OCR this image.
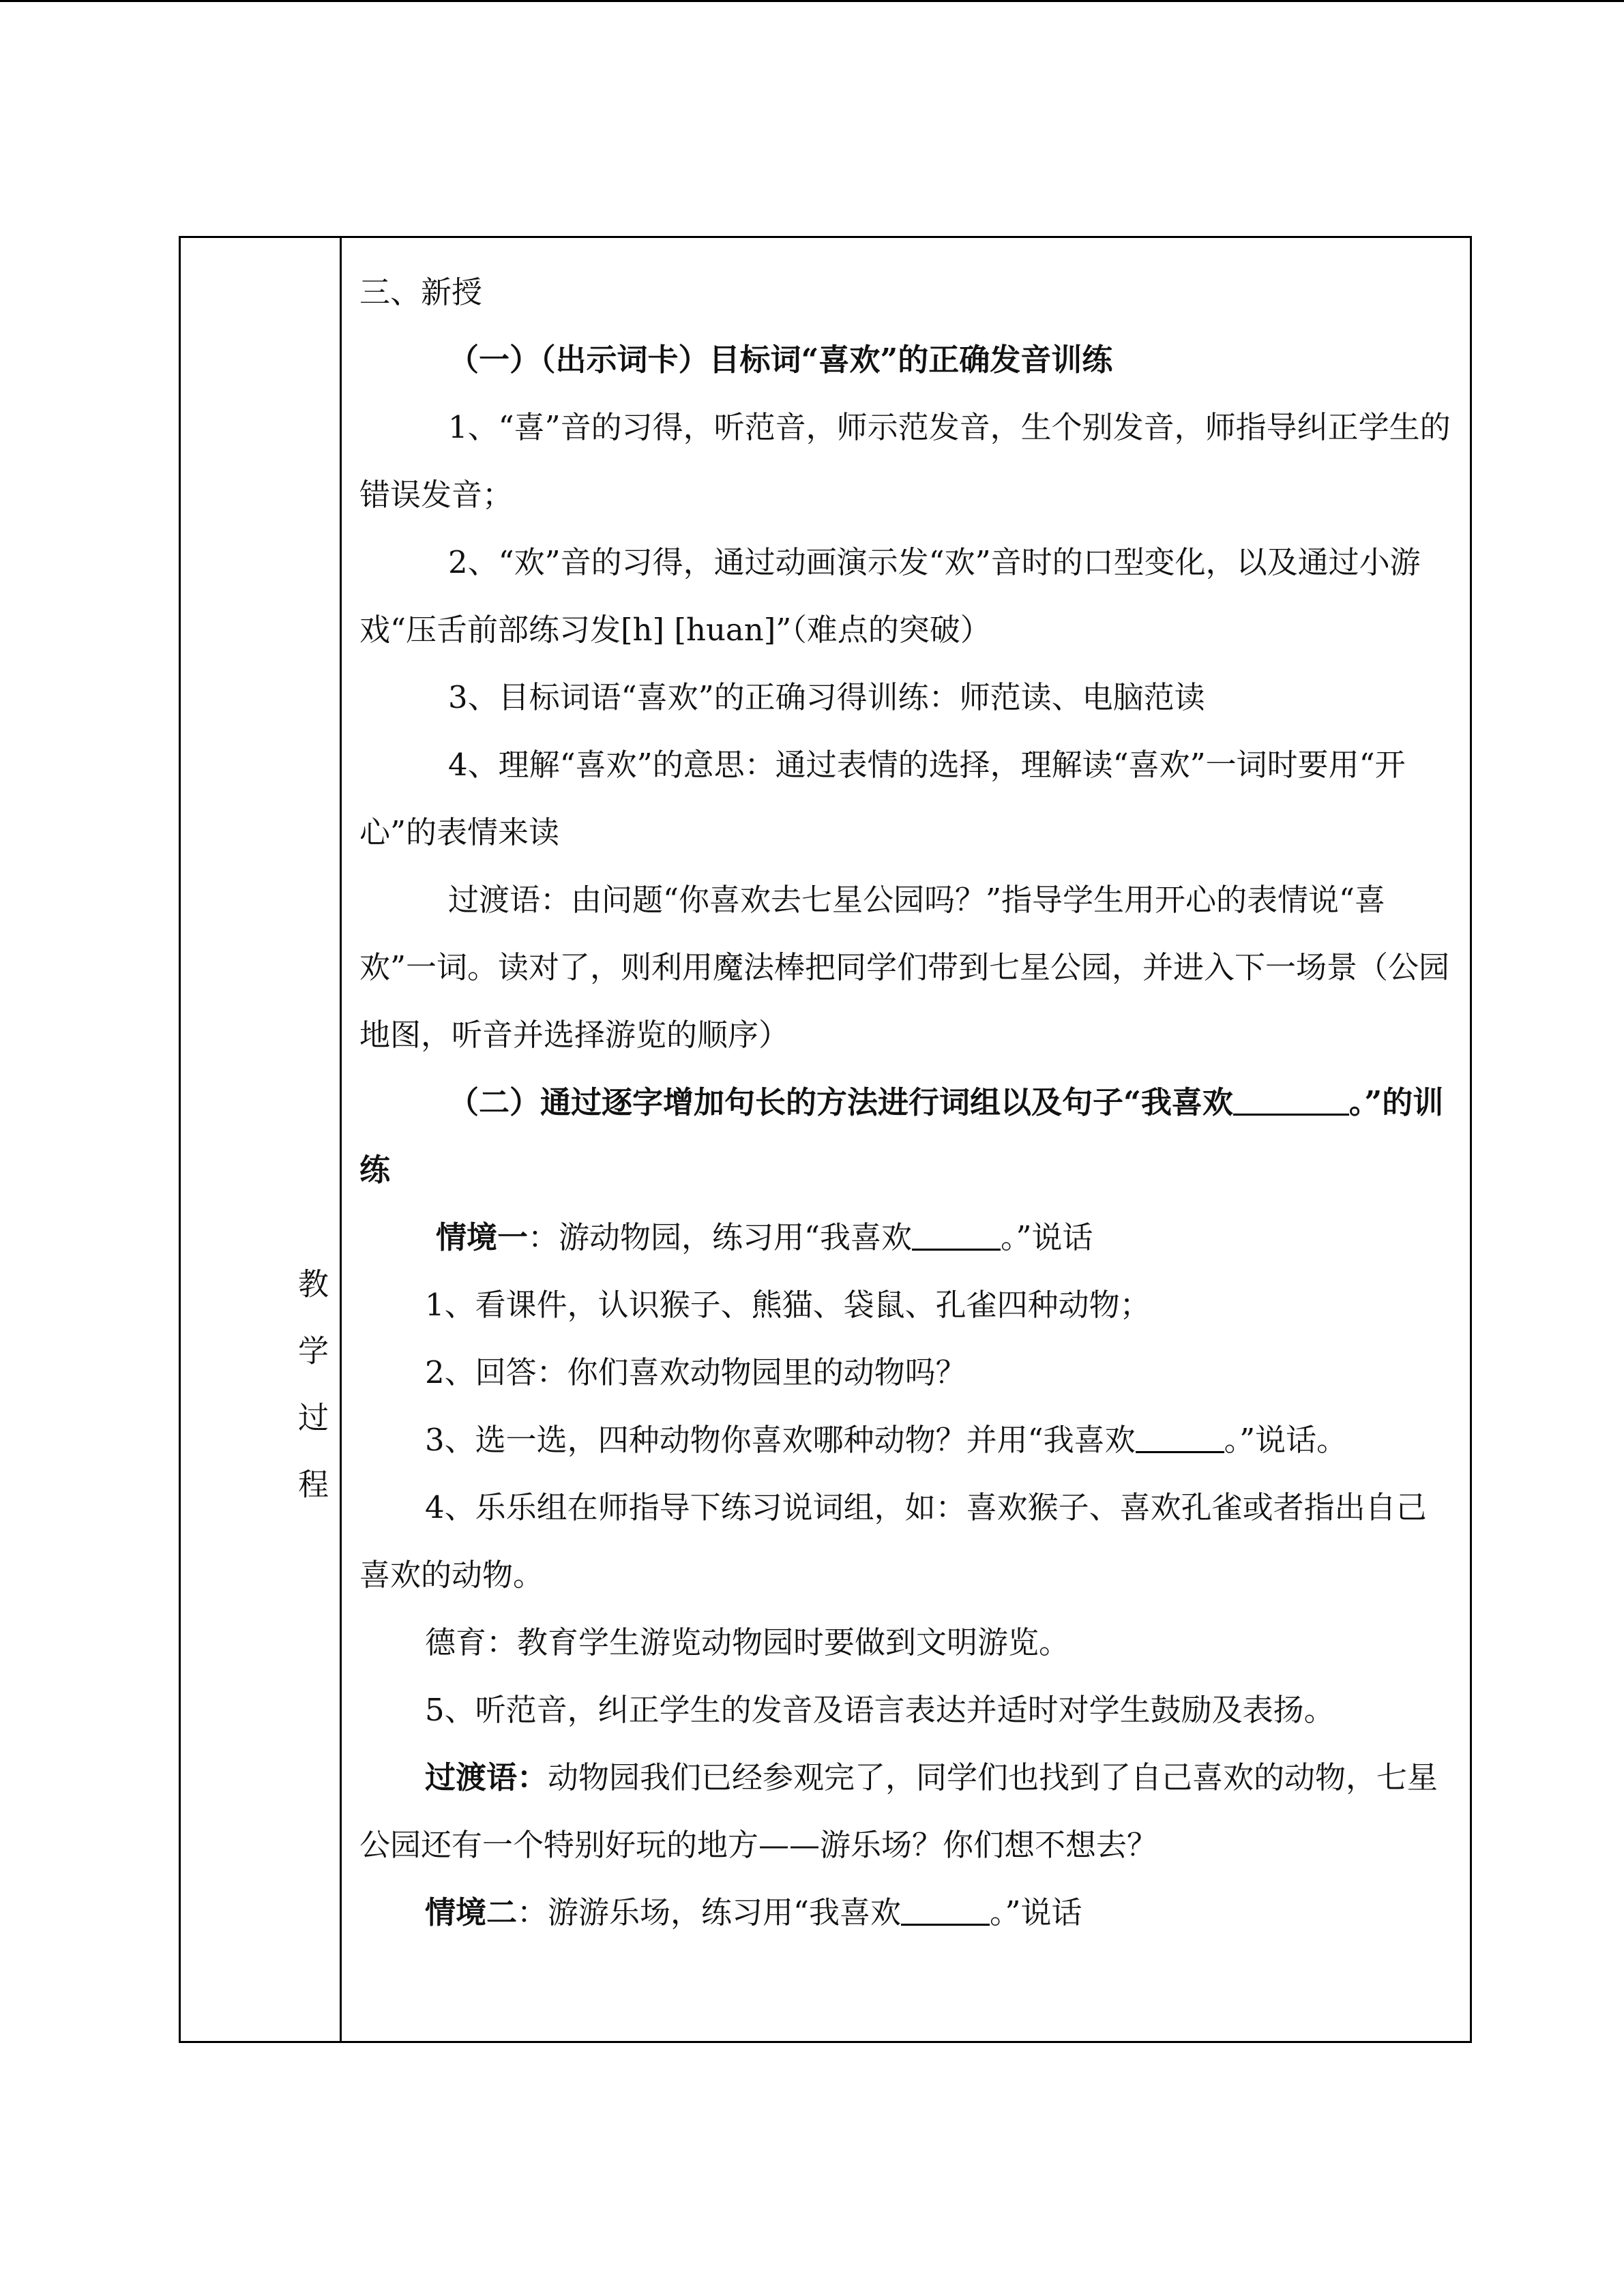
教 学 过 程

三、新授

（一）（出示词卡）目标词“喜欢”的正确发音训练

1、“喜”音的习得，听范音，师示范发音，生个别发音，师指导纠正学生的错误发音；

2、“欢”音的习得，通过动画演示发“欢”音时的口型变化，以及通过小游戏“压舌前部练习发[h] [huan]”（难点的突破）

3、目标词语“喜欢”的正确习得训练：师范读、电脑范读

4、理解“喜欢”的意思：通过表情的选择，理解读“喜欢”一词时要用“开心”的表情来读

过渡语：由问题“你喜欢去七星公园吗？”指导学生用开心的表情说“喜欢”一词。读对了，则利用魔法棒把同学们带到七星公园，并进入下一场景（公园地图，听音并选择游览的顺序）

（二）通过逐字增加句长的方法进行词组以及句子“我喜欢	。”的训练

情境一：游动物园，练习用“我喜欢	。”说话

1、看课件，认识猴子、熊猫、袋鼠、孔雀四种动物；

2、回答：你们喜欢动物园里的动物吗？

3、选一选，四种动物你喜欢哪种动物？并用“我喜欢	。”说话。

4、乐乐组在师指导下练习说词组，如：喜欢猴子、喜欢孔雀或者指出自己喜欢的动物。

德育：教育学生游览动物园时要做到文明游览。

5、听范音，纠正学生的发音及语言表达并适时对学生鼓励及表扬。

过渡语：动物园我们已经参观完了，同学们也找到了自己喜欢的动物，七星公园还有一个特别好玩的地方——游乐场？你们想不想去？

情境二：游游乐场，练习用“我喜欢	。”说话
